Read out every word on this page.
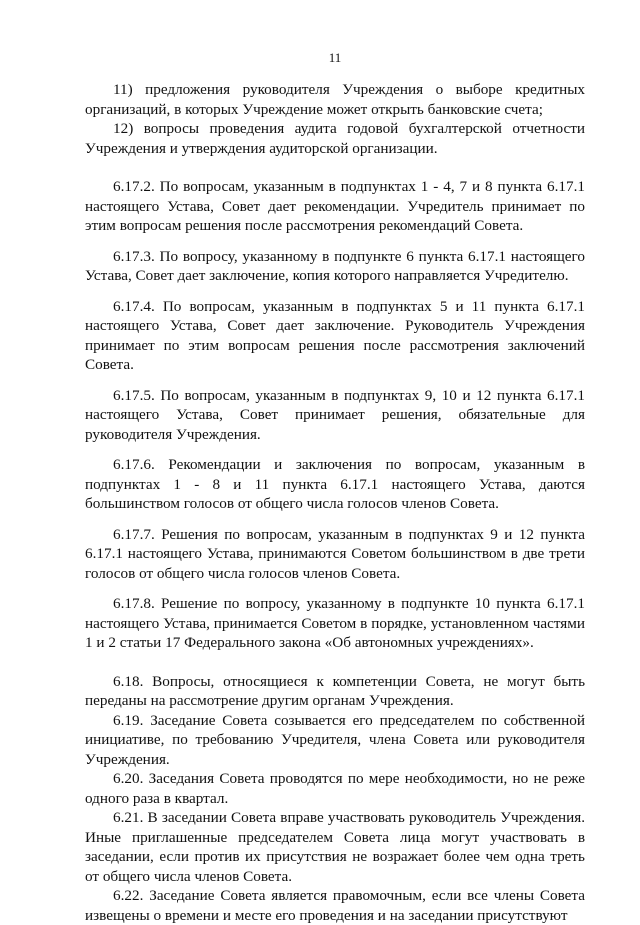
11

11) предложения руководителя Учреждения о выборе кредитных организаций, в которых Учреждение может открыть банковские счета;

12) вопросы проведения аудита годовой бухгалтерской отчетности Учреждения и утверждения аудиторской организации.

6.17.2. По вопросам, указанным в подпунктах 1 - 4, 7 и 8 пункта 6.17.1 настоящего Устава, Совет дает рекомендации. Учредитель принимает по этим вопросам решения после рассмотрения рекомендаций Совета.

6.17.3. По вопросу, указанному в подпункте 6 пункта 6.17.1 настоящего Устава, Совет дает заключение, копия которого направляется Учредителю.

6.17.4. По вопросам, указанным в подпунктах 5 и 11 пункта 6.17.1 настоящего Устава, Совет дает заключение. Руководитель Учреждения принимает по этим вопросам решения после рассмотрения заключений Совета.

6.17.5. По вопросам, указанным в подпунктах 9, 10 и 12 пункта 6.17.1 настоящего Устава, Совет принимает решения, обязательные для руководителя Учреждения.

6.17.6. Рекомендации и заключения по вопросам, указанным в подпунктах 1 - 8 и 11 пункта 6.17.1 настоящего Устава, даются большинством голосов от общего числа голосов членов Совета.

6.17.7. Решения по вопросам, указанным в подпунктах 9 и 12 пункта 6.17.1 настоящего Устава, принимаются Советом большинством в две трети голосов от общего числа голосов членов Совета.

6.17.8. Решение по вопросу, указанному в подпункте 10 пункта 6.17.1 настоящего Устава, принимается Советом в порядке, установленном частями 1 и 2 статьи 17 Федерального закона «Об автономных учреждениях».

6.18. Вопросы, относящиеся к компетенции Совета, не могут быть переданы на рассмотрение другим органам Учреждения.

6.19. Заседание Совета созывается его председателем по собственной инициативе, по требованию Учредителя, члена Совета или руководителя Учреждения.

6.20. Заседания Совета проводятся по мере необходимости, но не реже одного раза в квартал.

6.21. В заседании Совета вправе участвовать руководитель Учреждения. Иные приглашенные председателем Совета лица могут участвовать в заседании, если против их присутствия не возражает более чем одна треть от общего числа членов Совета.

6.22. Заседание Совета является правомочным, если все члены Совета извещены о времени и месте его проведения и на заседании присутствуют
